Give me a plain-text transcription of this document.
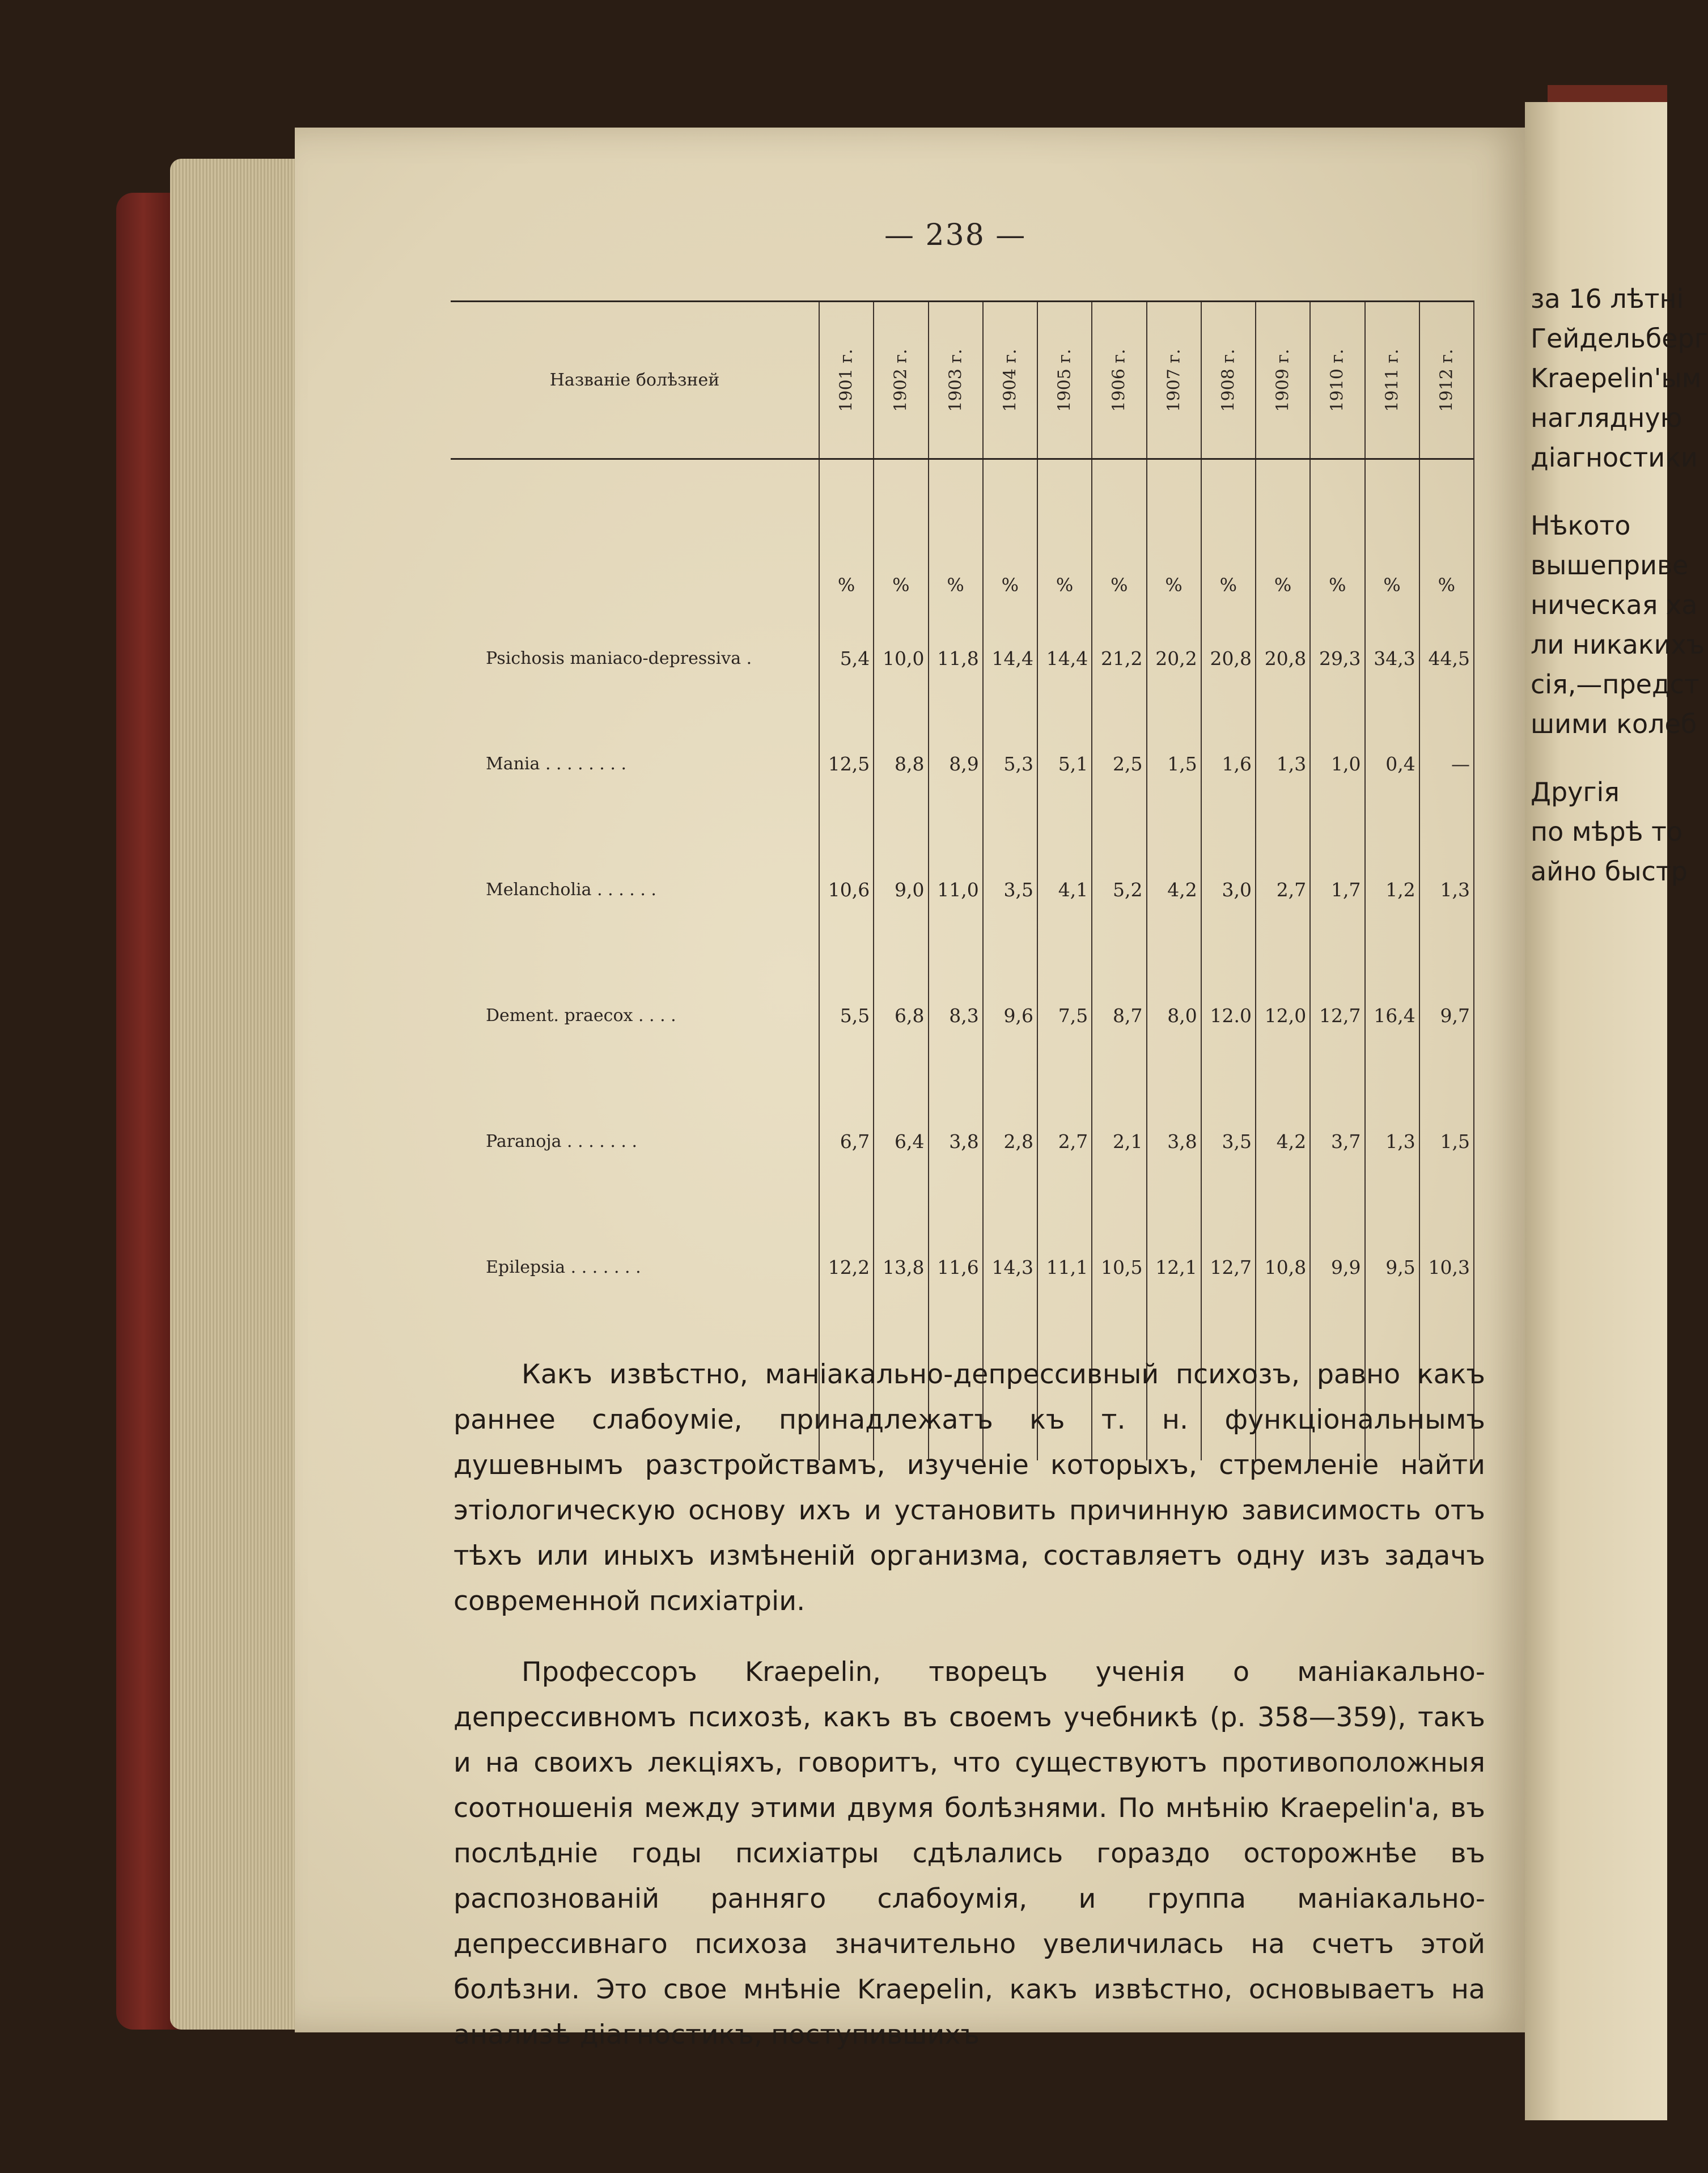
— 238 —
Названіе болѣзней	1901 г.	1902 г.	1903 г.	1904 г.	1905 г.	1906 г.	1907 г.	1908 г.	1909 г.	1910 г.	1911 г.	1912 г.

	%	%	%	%	%	%	%	%	%	%	%	%
Psichosis maniaco-depressiva .	5,4	10,0	11,8	14,4	14,4	21,2	20,2	20,8	20,8	29,3	34,3	44,5
Mania . . . . . . . .	12,5	8,8	8,9	5,3	5,1	2,5	1,5	1,6	1,3	1,0	0,4	—
Melancholia . . . . . .	10,6	9,0	11,0	3,5	4,1	5,2	4,2	3,0	2,7	1,7	1,2	1,3
Dement. praecox . . . .	5,5	6,8	8,3	9,6	7,5	8,7	8,0	12.0	12,0	12,7	16,4	9,7
Paranoja . . . . . . .	6,7	6,4	3,8	2,8	2,7	2,1	3,8	3,5	4,2	3,7	1,3	1,5
Epilepsia . . . . . . .	12,2	13,8	11,6	14,3	11,1	10,5	12,1	12,7	10,8	9,9	9,5	10,3

Какъ извѣстно, маніакально-депрессивный психозъ, равно какъ раннее слабоуміе, принадлежатъ къ т. н. функціональнымъ душевнымъ разстройствамъ, изученіе которыхъ, стремленіе найти этіологическую основу ихъ и установить причинную зависимость отъ тѣхъ или иныхъ измѣненій организма, составляетъ одну изъ задачъ современной психіатріи.

Профессоръ Kraepelin, творецъ ученія о маніакально-депрессивномъ психозѣ, какъ въ своемъ учебникѣ (p. 358—359), такъ и на своихъ лекціяхъ, говоритъ, что существуютъ противоположныя соотношенія между этими двумя болѣзнями. По мнѣнію Kraepelin'а, въ послѣдніе годы психіатры сдѣлались гораздо осторожнѣе въ распознованій ранняго слабоумія, и группа маніакально-депрессивнаго психоза значительно увеличилась на счетъ этой болѣзни. Это свое мнѣніе Kraepelin, какъ извѣстно, основываетъ на анализѣ діагностикъ, поступившихъ

за 16 лѣтні
Гейдельберг
Kraepelin'ым
наглядную
діагностики
Нѣкото
вышеприве
ническая ха
ли никакихъ
сія,—предст
шими колеб
Другія
по мѣрѣ то
айно быстр
